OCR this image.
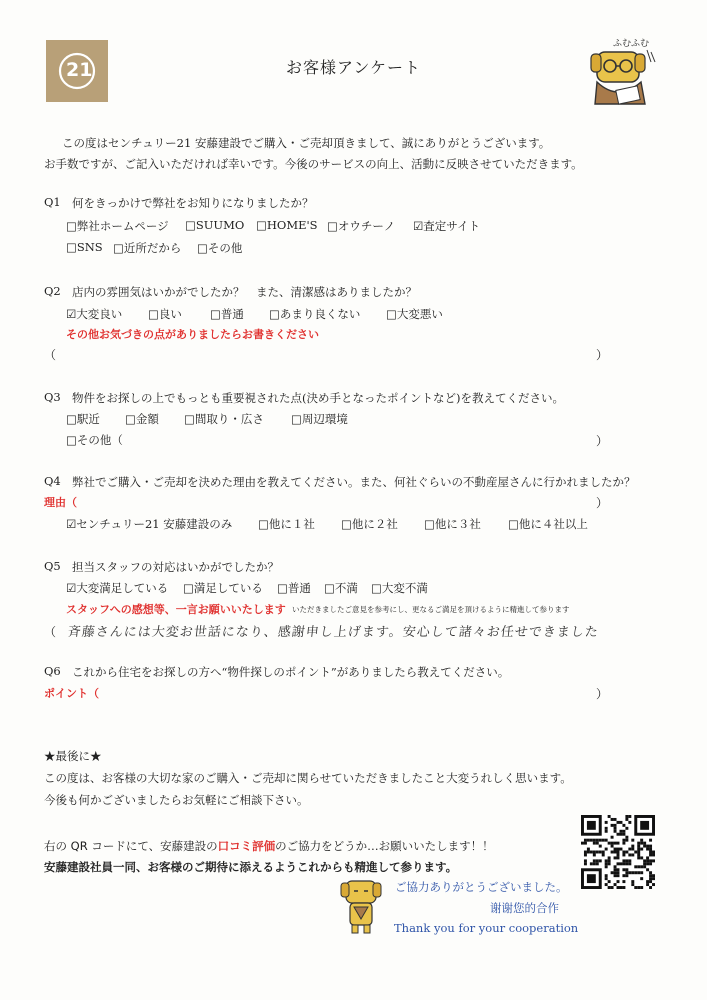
21	お客様アンケート
ふむふむ
この度はセンチュリー21 安藤建設でご購入・ご売却頂きまして、誠にありがとうございます。
お手数ですが、ご記入いただければ幸いです。今後のサービスの向上、活動に反映させていただきます。
Q1 何をきっかけで弊社をお知りになりましたか？
□弊社ホームページ □SUUMO □HOME'S □オウチーノ ☑査定サイト
□SNS □近所だから □その他
Q2 店内の雰囲気はいかがでしたか？　また、清潔感はありましたか？
☑大変良い □良い □普通 □あまり良くない □大変悪い
その他お気づきの点がありましたらお書きください
（	）
Q3 物件をお探しの上でもっとも重要視された点(決め手となったポイントなど)を教えてください。
□駅近 □金額 □間取り・広さ □周辺環境
□その他（	）
Q4 弊社でご購入・ご売却を決めた理由を教えてください。また、何社ぐらいの不動産屋さんに行かれましたか？
理由（	）
☑センチュリー21 安藤建設のみ □他に１社 □他に２社 □他に３社 □他に４社以上
Q5 担当スタッフの対応はいかがでしたか？
☑大変満足している □満足している □普通 □不満 □大変不満
スタッフへの感想等、一言お願いいたします いただきましたご意見を参考にし、更なるご満足を頂けるように精進して参ります
（ 斉藤さんには大変お世話になり、感謝申し上げます。安心して諸々お任せできました
Q6 これから住宅をお探しの方へ“物件探しのポイント”がありましたら教えてください。
ポイント（	）
★最後に★
この度は、お客様の大切な家のご購入・ご売却に関らせていただきましたこと大変うれしく思います。
今後も何かございましたらお気軽にご相談下さい。
右の QR コードにて、安藤建設の口コミ評価のご協力をどうか…お願いいたします！！
安藤建設社員一同、お客様のご期待に添えるようこれからも精進して参ります。
ご協力ありがとうございました。
谢谢您的合作
Thank you for your cooperation
